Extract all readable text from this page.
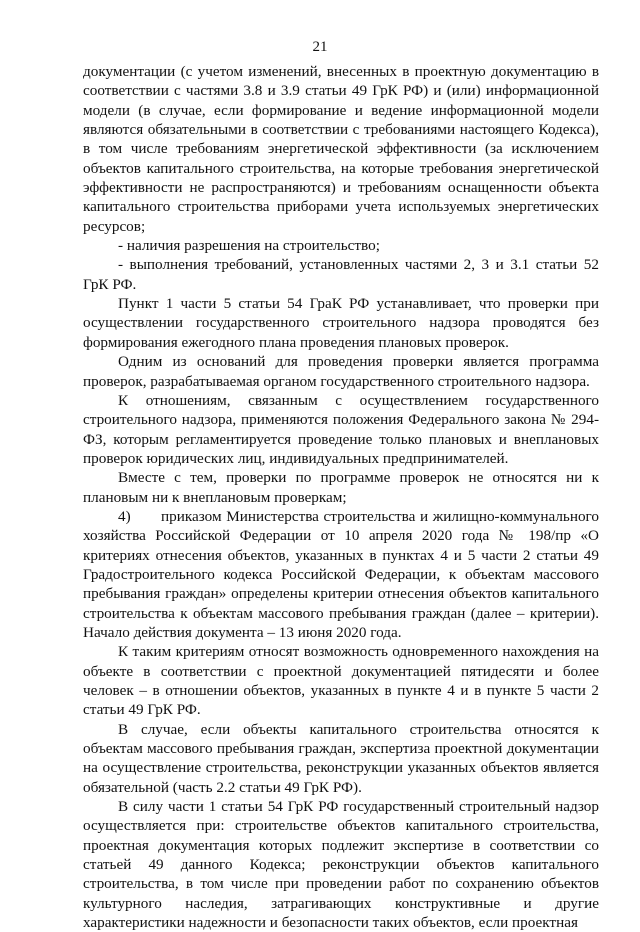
21

документации (с учетом изменений, внесенных в проектную документацию в соответствии с частями 3.8 и 3.9 статьи 49 ГрК РФ) и (или) информационной модели (в случае, если формирование и ведение информационной модели являются обязательными в соответствии с требованиями настоящего Кодекса), в том числе требованиям энергетической эффективности (за исключением объектов капитального строительства, на которые требования энергетической эффективности не распространяются) и требованиям оснащенности объекта капитального строительства приборами учета используемых энергетических ресурсов;

- наличия разрешения на строительство;

- выполнения требований, установленных частями 2, 3 и 3.1 статьи 52 ГрК РФ.

Пункт 1 части 5 статьи 54 ГраК РФ устанавливает, что проверки при осуществлении государственного строительного надзора проводятся без формирования ежегодного плана проведения плановых проверок.

Одним из оснований для проведения проверки является программа проверок, разрабатываемая органом государственного строительного надзора.

К отношениям, связанным с осуществлением государственного строительного надзора, применяются положения Федерального закона № 294-ФЗ, которым регламентируется проведение только плановых и внеплановых проверок юридических лиц, индивидуальных предпринимателей.

Вместе с тем, проверки по программе проверок не относятся ни к плановым ни к внеплановым проверкам;

4)  приказом Министерства строительства и жилищно-коммунального хозяйства Российской Федерации от 10 апреля 2020 года № 198/пр «О критериях отнесения объектов, указанных в пунктах 4 и 5 части 2 статьи 49 Градостроительного кодекса Российской Федерации, к объектам массового пребывания граждан» определены критерии отнесения объектов капитального строительства к объектам массового пребывания граждан (далее – критерии). Начало действия документа – 13 июня 2020 года.

К таким критериям относят возможность одновременного нахождения на объекте в соответствии с проектной документацией пятидесяти и более человек – в отношении объектов, указанных в пункте 4 и в пункте 5 части 2 статьи 49 ГрК РФ.

В случае, если объекты капитального строительства относятся к объектам массового пребывания граждан, экспертиза проектной документации на осуществление строительства, реконструкции указанных объектов является обязательной (часть 2.2 статьи 49 ГрК РФ).

В силу части 1 статьи 54 ГрК РФ государственный строительный надзор осуществляется при: строительстве объектов капитального строительства, проектная документация которых подлежит экспертизе в соответствии со статьей 49 данного Кодекса; реконструкции объектов капитального строительства, в том числе при проведении работ по сохранению объектов культурного наследия, затрагивающих конструктивные и другие характеристики надежности и безопасности таких объектов, если проектная
